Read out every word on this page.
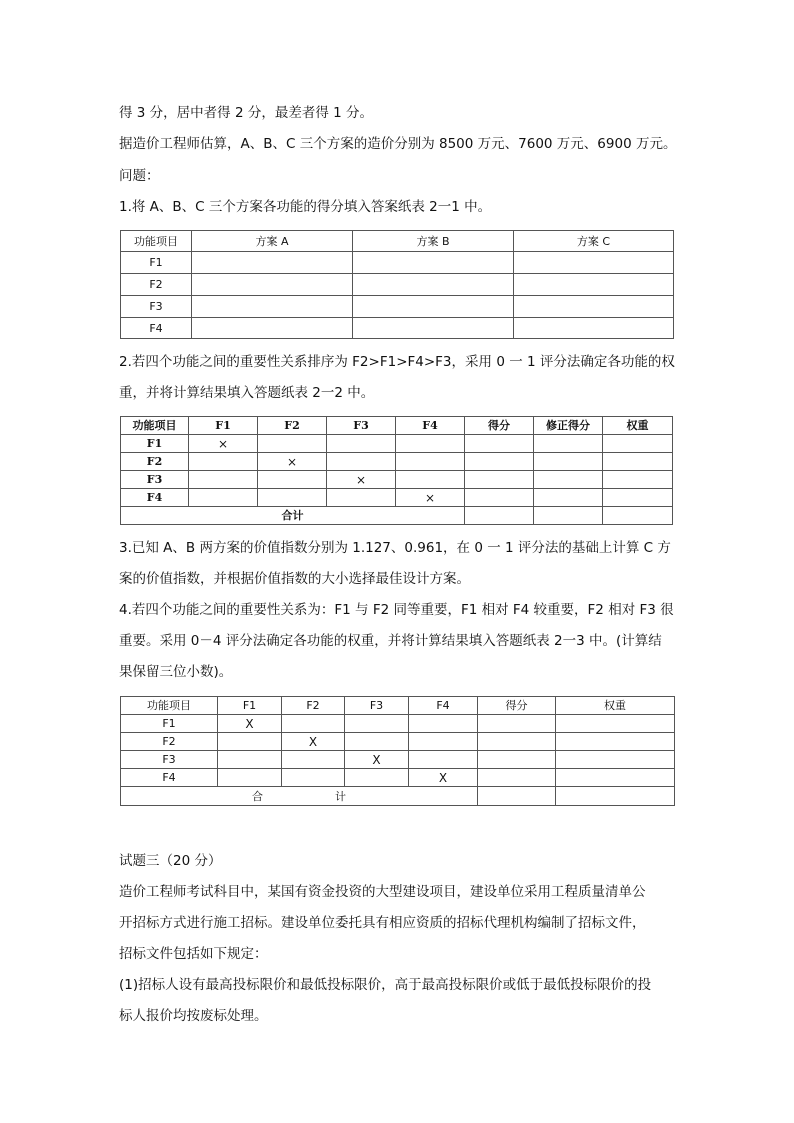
得 3 分，居中者得 2 分，最差者得 1 分。
据造价工程师估算，A、B、C 三个方案的造价分别为 8500 万元、7600 万元、6900 万元。
问题：
1.将 A、B、C 三个方案各功能的得分填入答案纸表 2一1 中。
功能项目	方案 A	方案 B	方案 C
F1			
F2			
F3			
F4			
2.若四个功能之间的重要性关系排序为 F2>F1>F4>F3，采用 0 一 1 评分法确定各功能的权
重，并将计算结果填入答题纸表 2一2 中。
功能项目	F1	F2	F3	F4	得分	修正得分	权重
F1	×						
F2		×					
F3			×				
F4				×			
合计							
3.已知 A、B 两方案的价值指数分别为 1.127、0.961，在 0 一 1 评分法的基础上计算 C 方
案的价值指数，并根据价值指数的大小选择最佳设计方案。
4.若四个功能之间的重要性关系为：F1 与 F2 同等重要，F1 相对 F4 较重要，F2 相对 F3 很
重要。采用 0－4 评分法确定各功能的权重，并将计算结果填入答题纸表 2一3 中。(计算结
果保留三位小数)。
功能项目	F1	F2	F3	F4	得分	权重
F1	X					
F2		X				
F3			X			
F4				X		
合 计						
试题三（20 分）
造价工程师考试科目中，某国有资金投资的大型建设项目，建设单位采用工程质量清单公
开招标方式进行施工招标。建设单位委托具有相应资质的招标代理机构编制了招标文件，
招标文件包括如下规定：
(1)招标人设有最高投标限价和最低投标限价，高于最高投标限价或低于最低投标限价的投
标人报价均按废标处理。
